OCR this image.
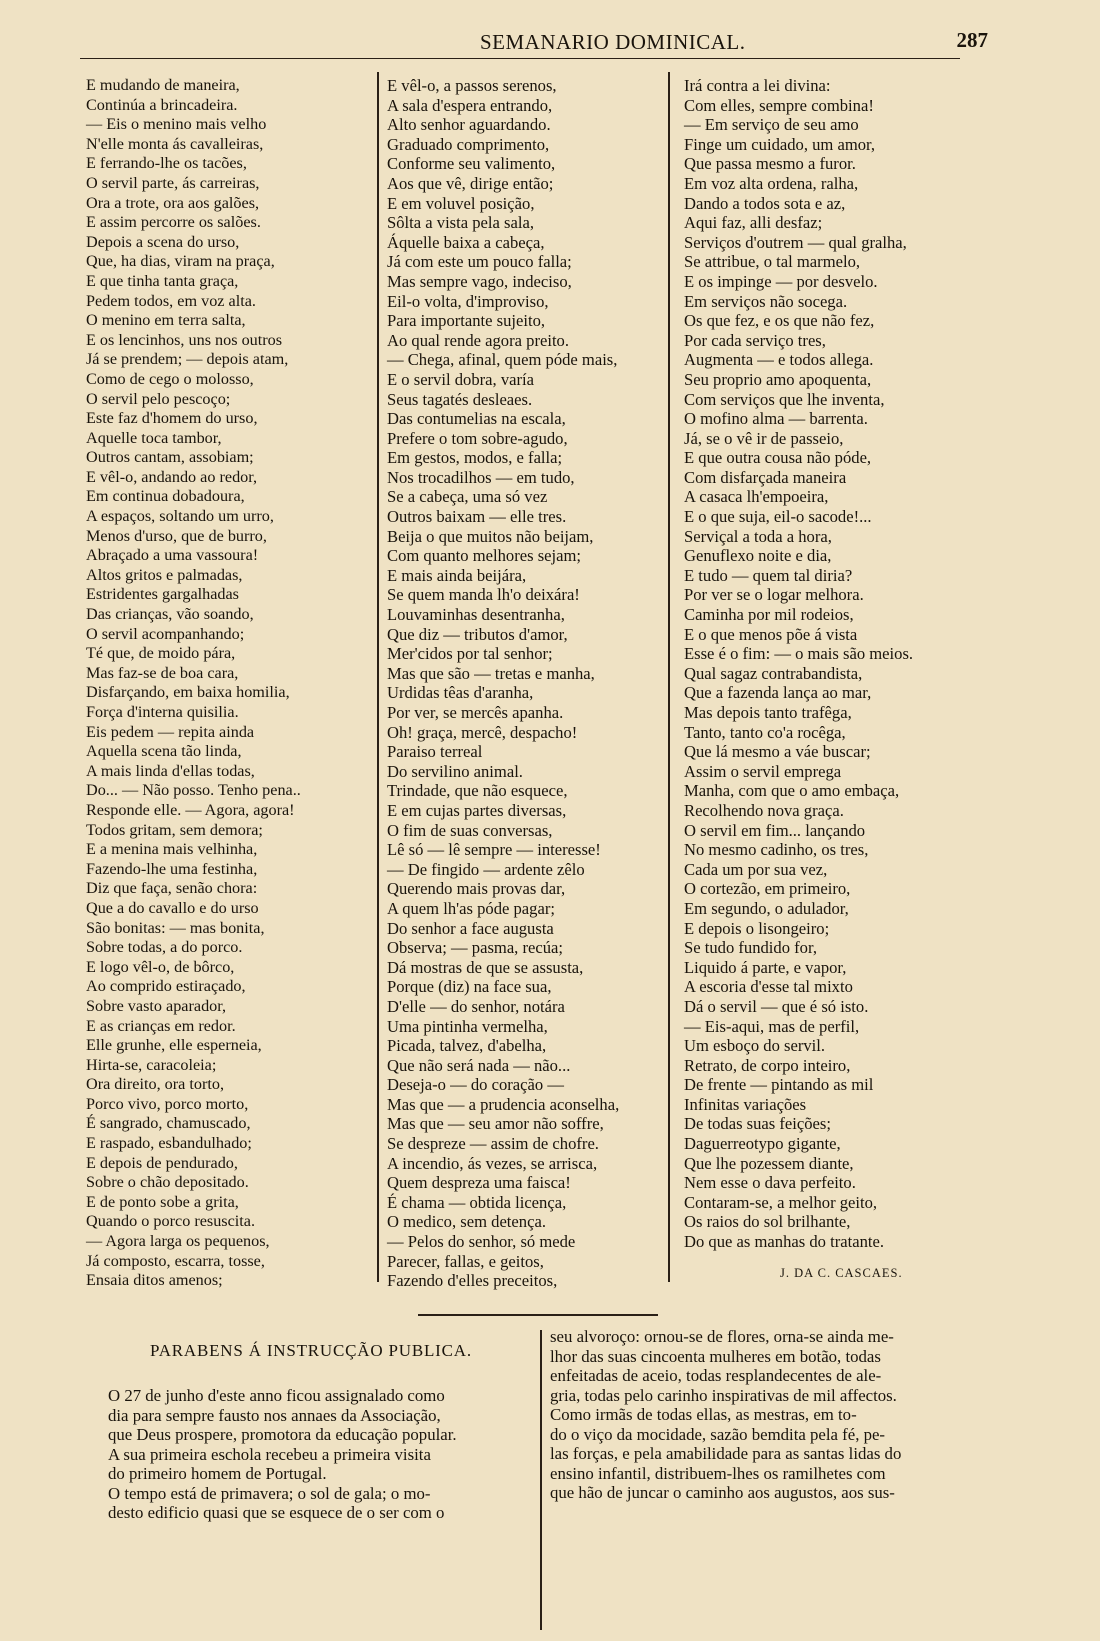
SEMANARIO DOMINICAL.	287
E mudando de maneira,
Continúa a brincadeira.
— Eis o menino mais velho
N'elle monta ás cavalleiras,
E ferrando-lhe os tacões,
O servil parte, ás carreiras,
Ora a trote, ora aos galões,
E assim percorre os salões.
Depois a scena do urso,
Que, ha dias, viram na praça,
E que tinha tanta graça,
Pedem todos, em voz alta.
O menino em terra salta,
E os lencinhos, uns nos outros
Já se prendem; — depois atam,
Como de cego o molosso,
O servil pelo pescoço;
Este faz d'homem do urso,
Aquelle toca tambor,
Outros cantam, assobiam;
E vêl-o, andando ao redor,
Em continua dobadoura,
A espaços, soltando um urro,
Menos d'urso, que de burro,
Abraçado a uma vassoura!
Altos gritos e palmadas,
Estridentes gargalhadas
Das crianças, vão soando,
O servil acompanhando;
Té que, de moido pára,
Mas faz-se de boa cara,
Disfarçando, em baixa homilia,
Força d'interna quisilia.
Eis pedem — repita ainda
Aquella scena tão linda,
A mais linda d'ellas todas,
Do... — Não posso. Tenho pena..
Responde elle. — Agora, agora!
Todos gritam, sem demora;
E a menina mais velhinha,
Fazendo-lhe uma festinha,
Diz que faça, senão chora:
Que a do cavallo e do urso
São bonitas: — mas bonita,
Sobre todas, a do porco.
E logo vêl-o, de bôrco,
Ao comprido estiraçado,
Sobre vasto aparador,
E as crianças em redor.
Elle grunhe, elle esperneia,
Hirta-se, caracoleia;
Ora direito, ora torto,
Porco vivo, porco morto,
É sangrado, chamuscado,
E raspado, esbandulhado;
E depois de pendurado,
Sobre o chão depositado.
E de ponto sobe a grita,
Quando o porco resuscita.
— Agora larga os pequenos,
Já composto, escarra, tosse,
Ensaia ditos amenos;
E vêl-o, a passos serenos,
A sala d'espera entrando,
Alto senhor aguardando.
Graduado comprimento,
Conforme seu valimento,
Aos que vê, dirige então;
E em voluvel posição,
Sôlta a vista pela sala,
Áquelle baixa a cabeça,
Já com este um pouco falla;
Mas sempre vago, indeciso,
Eil-o volta, d'improviso,
Para importante sujeito,
Ao qual rende agora preito.
— Chega, afinal, quem póde mais,
E o servil dobra, varía
Seus tagatés desleaes.
Das contumelias na escala,
Prefere o tom sobre-agudo,
Em gestos, modos, e falla;
Nos trocadilhos — em tudo,
Se a cabeça, uma só vez
Outros baixam — elle tres.
Beija o que muitos não beijam,
Com quanto melhores sejam;
E mais ainda beijára,
Se quem manda lh'o deixára!
Louvaminhas desentranha,
Que diz — tributos d'amor,
Mer'cidos por tal senhor;
Mas que são — tretas e manha,
Urdidas têas d'aranha,
Por ver, se mercês apanha.
Oh! graça, mercê, despacho!
Paraiso terreal
Do servilino animal.
Trindade, que não esquece,
E em cujas partes diversas,
O fim de suas conversas,
Lê só — lê sempre — interesse!
— De fingido — ardente zêlo
Querendo mais provas dar,
A quem lh'as póde pagar;
Do senhor a face augusta
Observa; — pasma, recúa;
Dá mostras de que se assusta,
Porque (diz) na face sua,
D'elle — do senhor, notára
Uma pintinha vermelha,
Picada, talvez, d'abelha,
Que não será nada — não...
Deseja-o — do coração —
Mas que — a prudencia aconselha,
Mas que — seu amor não soffre,
Se despreze — assim de chofre.
A incendio, ás vezes, se arrisca,
Quem despreza uma faisca!
É chama — obtida licença,
O medico, sem detença.
— Pelos do senhor, só mede
Parecer, fallas, e geitos,
Fazendo d'elles preceitos,
Irá contra a lei divina:
Com elles, sempre combina!
— Em serviço de seu amo
Finge um cuidado, um amor,
Que passa mesmo a furor.
Em voz alta ordena, ralha,
Dando a todos sota e az,
Aqui faz, alli desfaz;
Serviços d'outrem — qual gralha,
Se attribue, o tal marmelo,
E os impinge — por desvelo.
Em serviços não socega.
Os que fez, e os que não fez,
Por cada serviço tres,
Augmenta — e todos allega.
Seu proprio amo apoquenta,
Com serviços que lhe inventa,
O mofino alma — barrenta.
Já, se o vê ir de passeio,
E que outra cousa não póde,
Com disfarçada maneira
A casaca lh'empoeira,
E o que suja, eil-o sacode!...
Serviçal a toda a hora,
Genuflexo noite e dia,
E tudo — quem tal diria?
Por ver se o logar melhora.
Caminha por mil rodeios,
E o que menos põe á vista
Esse é o fim: — o mais são meios.
Qual sagaz contrabandista,
Que a fazenda lança ao mar,
Mas depois tanto trafêga,
Tanto, tanto co'a rocêga,
Que lá mesmo a váe buscar;
Assim o servil emprega
Manha, com que o amo embaça,
Recolhendo nova graça.
O servil em fim... lançando
No mesmo cadinho, os tres,
Cada um por sua vez,
O cortezão, em primeiro,
Em segundo, o adulador,
E depois o lisongeiro;
Se tudo fundido for,
Liquido á parte, e vapor,
A escoria d'esse tal mixto
Dá o servil — que é só isto.
— Eis-aqui, mas de perfil,
Um esboço do servil.
Retrato, de corpo inteiro,
De frente — pintando as mil
Infinitas variações
De todas suas feições;
Daguerreotypo gigante,
Que lhe pozessem diante,
Nem esse o dava perfeito.
Contaram-se, a melhor geito,
Os raios do sol brilhante,
Do que as manhas do tratante.
J. DA C. CASCAES.
PARABENS Á INSTRUCÇÃO PUBLICA.
O 27 de junho d'este anno ficou assignalado como
dia para sempre fausto nos annaes da Associação,
que Deus prospere, promotora da educação popular.
A sua primeira eschola recebeu a primeira visita
do primeiro homem de Portugal.
O tempo está de primavera; o sol de gala; o mo-
desto edificio quasi que se esquece de o ser com o
seu alvoroço: ornou-se de flores, orna-se ainda me-
lhor das suas cincoenta mulheres em botão, todas
enfeitadas de aceio, todas resplandecentes de ale-
gria, todas pelo carinho inspirativas de mil affectos.
Como irmãs de todas ellas, as mestras, em to-
do o viço da mocidade, sazão bemdita pela fé, pe-
las forças, e pela amabilidade para as santas lidas do
ensino infantil, distribuem-lhes os ramilhetes com
que hão de juncar o caminho aos augustos, aos sus-
